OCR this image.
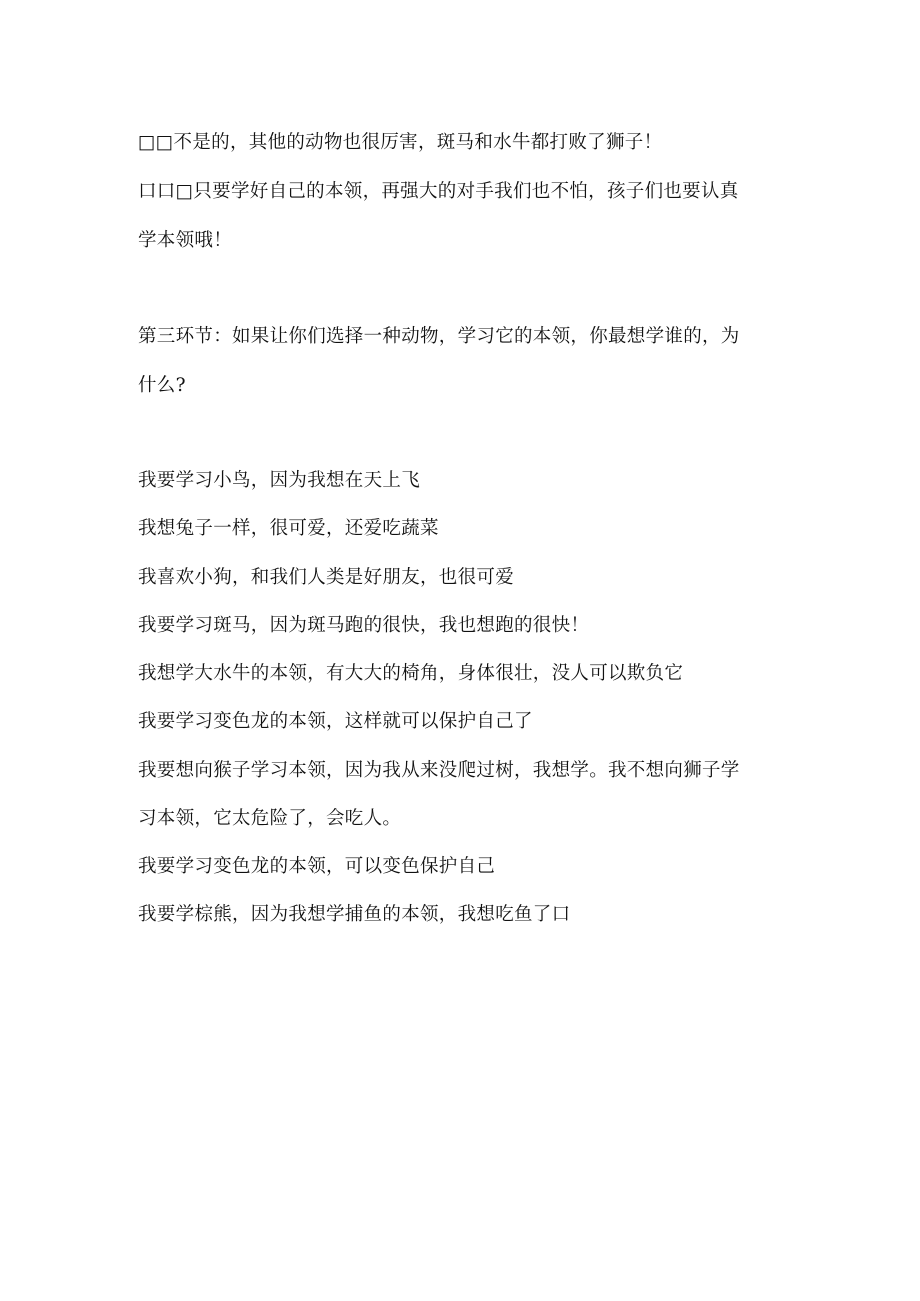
□□不是的，其他的动物也很厉害，斑马和水牛都打败了狮子！
口口□只要学好自己的本领，再强大的对手我们也不怕，孩子们也要认真
学本领哦！
第三环节：如果让你们选择一种动物，学习它的本领，你最想学谁的，为
什么?
我要学习小鸟，因为我想在天上飞
我想兔子一样，很可爱，还爱吃蔬菜
我喜欢小狗，和我们人类是好朋友，也很可爱
我要学习斑马，因为斑马跑的很快，我也想跑的很快！
我想学大水牛的本领，有大大的椅角，身体很壮，没人可以欺负它
我要学习变色龙的本领，这样就可以保护自己了
我要想向猴子学习本领，因为我从来没爬过树，我想学。我不想向狮子学
习本领，它太危险了，会吃人。
我要学习变色龙的本领，可以变色保护自己
我要学棕熊，因为我想学捕鱼的本领，我想吃鱼了口
